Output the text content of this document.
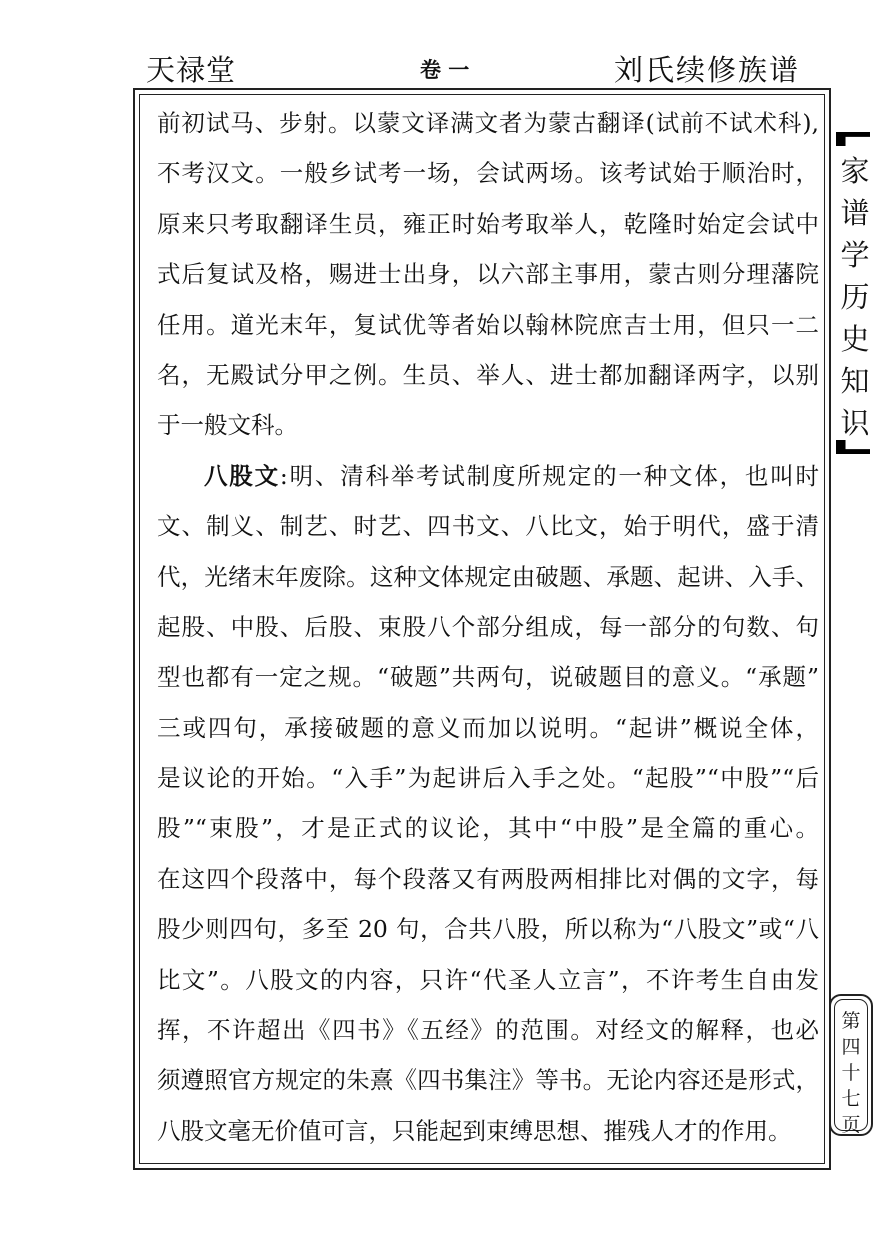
天禄堂	卷 一	刘氏续修族谱
前初试马、步射。以蒙文译满文者为蒙古翻译(试前不试术科),
不考汉文。一般乡试考一场，会试两场。该考试始于顺治时，
原来只考取翻译生员，雍正时始考取举人，乾隆时始定会试中
式后复试及格，赐进士出身，以六部主事用，蒙古则分理藩院
任用。道光末年，复试优等者始以翰林院庶吉士用，但只一二
名，无殿试分甲之例。生员、举人、进士都加翻译两字，以别
于一般文科。
八股文:明、清科举考试制度所规定的一种文体，也叫时
文、制义、制艺、时艺、四书文、八比文，始于明代，盛于清
代，光绪末年废除。这种文体规定由破题、承题、起讲、入手、
起股、中股、后股、束股八个部分组成，每一部分的句数、句
型也都有一定之规。“破题”共两句，说破题目的意义。“承题”
三或四句，承接破题的意义而加以说明。“起讲”概说全体，
是议论的开始。“入手”为起讲后入手之处。“起股”“中股”“后
股”“束股”，才是正式的议论，其中“中股”是全篇的重心。
在这四个段落中，每个段落又有两股两相排比对偶的文字，每
股少则四句，多至 20 句，合共八股，所以称为“八股文”或“八
比文”。八股文的内容，只许“代圣人立言”，不许考生自由发
挥，不许超出《四书》《五经》的范围。对经文的解释，也必
须遵照官方规定的朱熹《四书集注》等书。无论内容还是形式，
八股文毫无价值可言，只能起到束缚思想、摧残人才的作用。
家
谱
学
历
史
知
识
第
四
十
七
页
